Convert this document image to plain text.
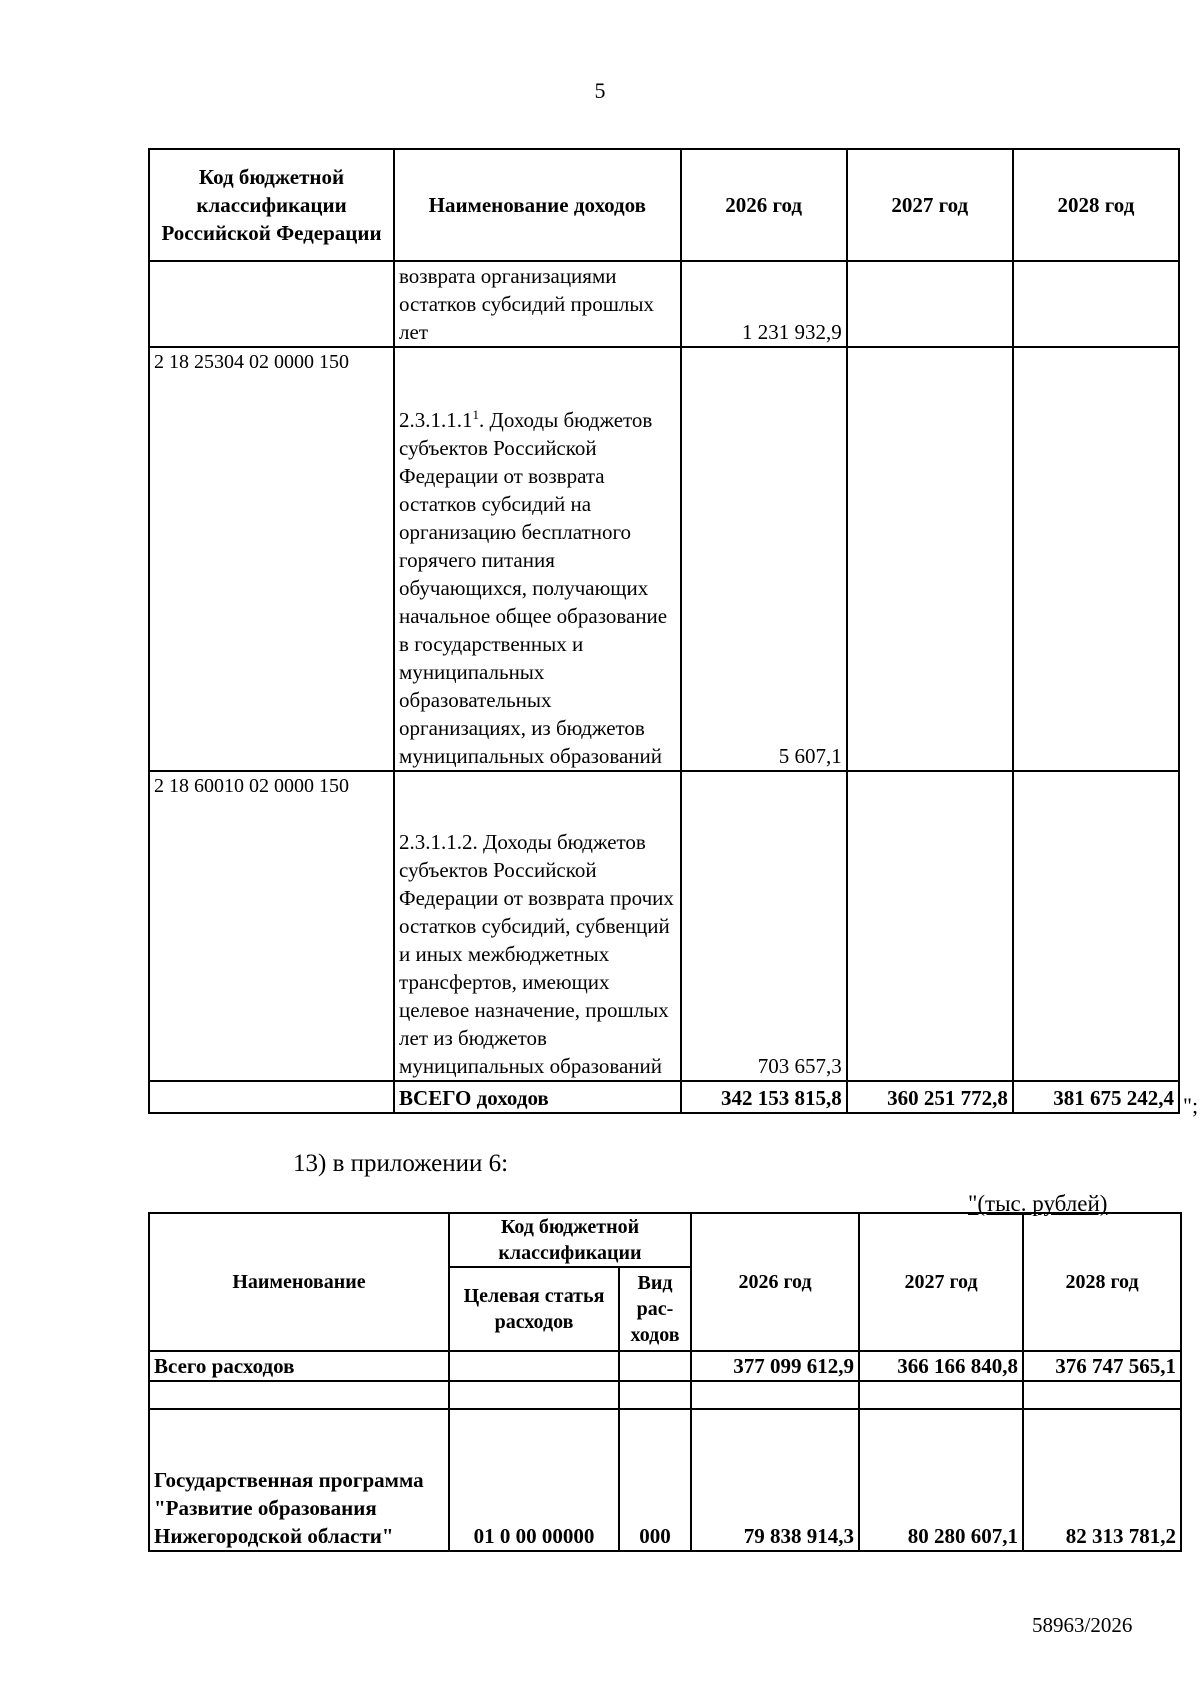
5
Код бюджетной классификации Российской Федерации	Наименование доходов	2026 год	2027 год	2028 год
	возврата организациями остатков субсидий прошлых лет	1 231 932,9		
2 18 25304 02 0000 150	2.3.1.1.1$^1$. Доходы бюджетов субъектов Российской Федерации от возврата остатков субсидий на организацию бесплатного горячего питания обучающихся, получающих начальное общее образование в государственных и муниципальных образовательных организациях, из бюджетов муниципальных образований	5 607,1		
2 18 60010 02 0000 150	2.3.1.1.2. Доходы бюджетов субъектов Российской Федерации от возврата прочих остатков субсидий, субвенций и иных межбюджетных трансфертов, имеющих целевое назначение, прошлых лет из бюджетов муниципальных образований	703 657,3		
	ВСЕГО доходов	342 153 815,8	360 251 772,8	381 675 242,4 ";
13) в приложении 6:
"(тыс. рублей)
Наименование	Код бюджетной классификации		2026 год	2027 год	2028 год
	Целевая статья расходов	Вид рас-ходов			
Всего расходов			377 099 612,9	366 166 840,8	376 747 565,1

Государственная программа "Развитие образования Нижегородской области"	01 0 00 00000	000	79 838 914,3	80 280 607,1	82 313 781,2
58963/2026
